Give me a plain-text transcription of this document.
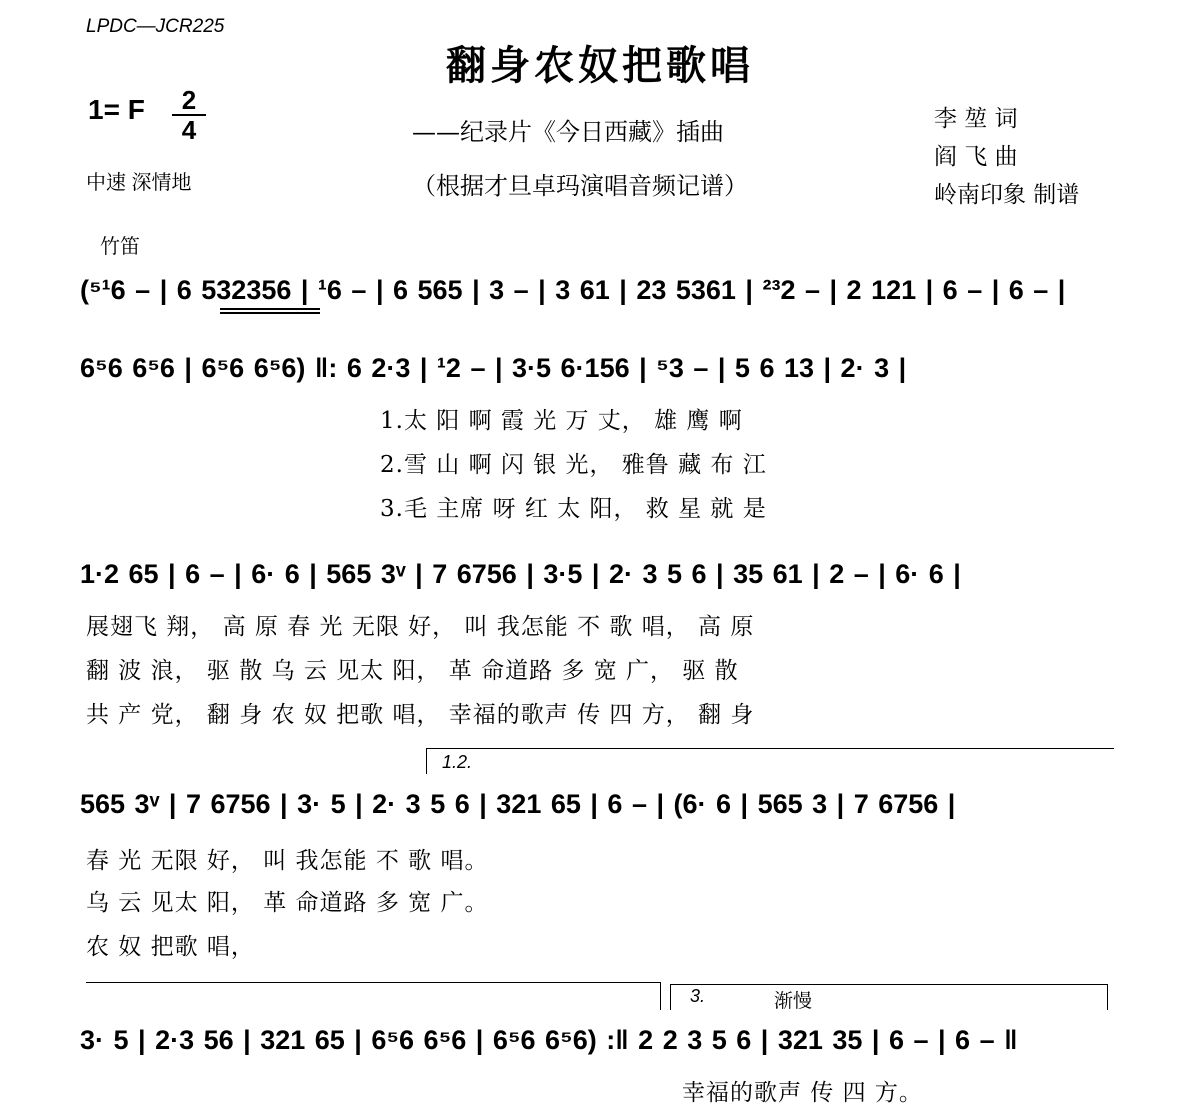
LPDC—JCR225
翻身农奴把歌唱
1= F	2
4
中速 深情地
——纪录片《今日西藏》插曲
（根据才旦卓玛演唱音频记谱）
李 堃 词
阎 飞 曲
岭南印象 制谱
竹笛
(⁵¹6 – | 6 532356 | ¹6 – | 6 565 | 3 – | 3 61 | 23 5361 | ²³2 – | 2 121 | 6 – | 6 – |
6⁵6 6⁵6 | 6⁵6 6⁵6) ‖: 6 2·3 | ¹2 – | 3·5 6·156 | ⁵3 – | 5 6 13 | 2· 3 |
1.太 阳 啊 霞 光 万 丈， 雄 鹰 啊
2.雪 山 啊 闪 银 光， 雅鲁 藏 布 江
3.毛 主席 呀 红 太 阳， 救 星 就 是
1·2 65 | 6 – | 6· 6 | 565 3ᵛ | 7 6756 | 3·5 | 2· 3 5 6 | 35 61 | 2 – | 6· 6 |
展翅飞 翔， 高 原 春 光 无限 好， 叫 我怎能 不 歌 唱， 高 原
翻 波 浪， 驱 散 乌 云 见太 阳， 革 命道路 多 宽 广， 驱 散
共 产 党， 翻 身 农 奴 把歌 唱， 幸福的歌声 传 四 方， 翻 身
1.2.
565 3ᵛ | 7 6756 | 3· 5 | 2· 3 5 6 | 321 65 | 6 – | (6· 6 | 565 3 | 7 6756 |
春 光 无限 好， 叫 我怎能 不 歌 唱。
乌 云 见太 阳， 革 命道路 多 宽 广。
农 奴 把歌 唱，
3.	渐慢
3· 5 | 2·3 56 | 321 65 | 6⁵6 6⁵6 | 6⁵6 6⁵6) :‖ 2 2 3 5 6 | 321 35 | 6 – | 6 – ‖
幸福的歌声 传 四 方。
